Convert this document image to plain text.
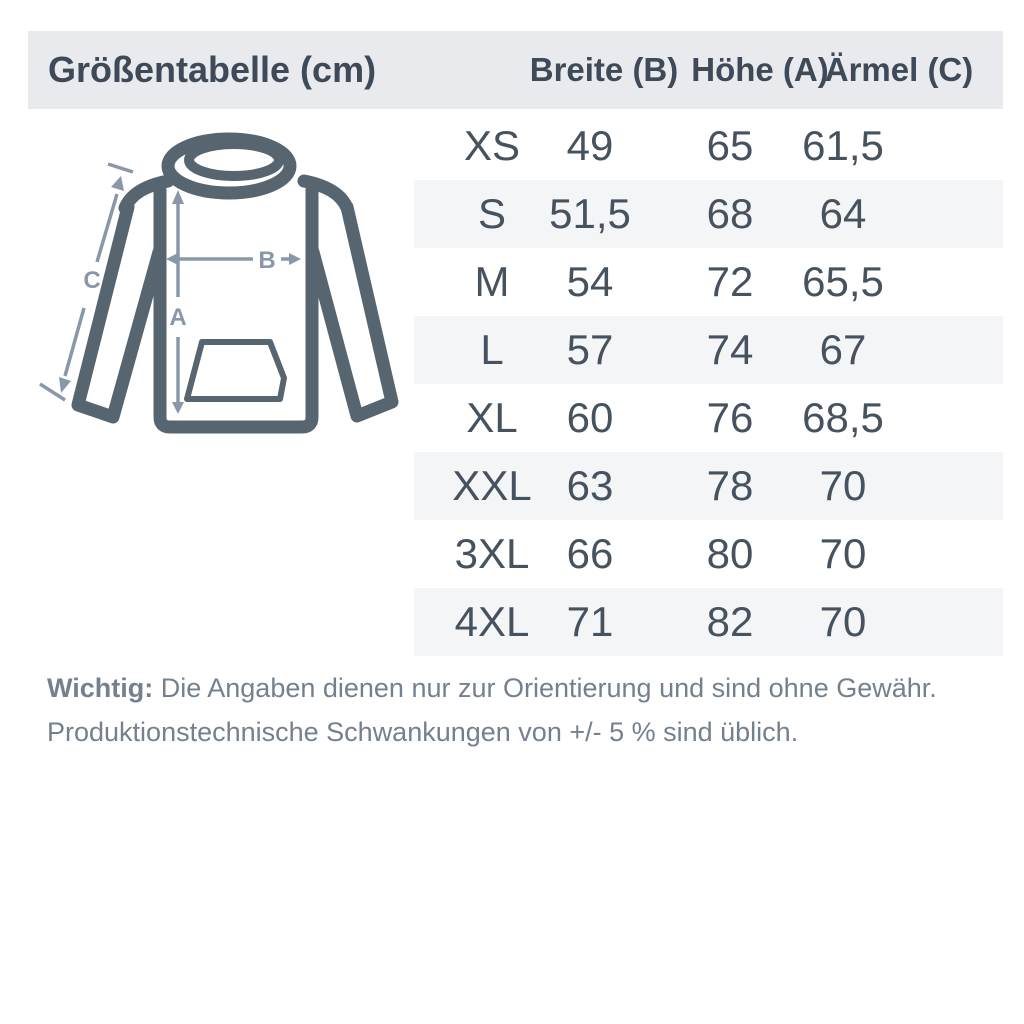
Größentabelle (cm)	Breite (B) Höhe (A)
Ärmel (C)
A
B
C
XS 49 65 61,5
S 51,5 68 64
M 54 72 65,5
L 57 74 67
XL 60 76 68,5
XXL 63 78 70
3XL 66 80 70
4XL 71 82 70

Wichtig: Die Angaben dienen nur zur Orientierung und sind ohne Gewähr.
Produktionstechnische Schwankungen von +/- 5 % sind üblich.
